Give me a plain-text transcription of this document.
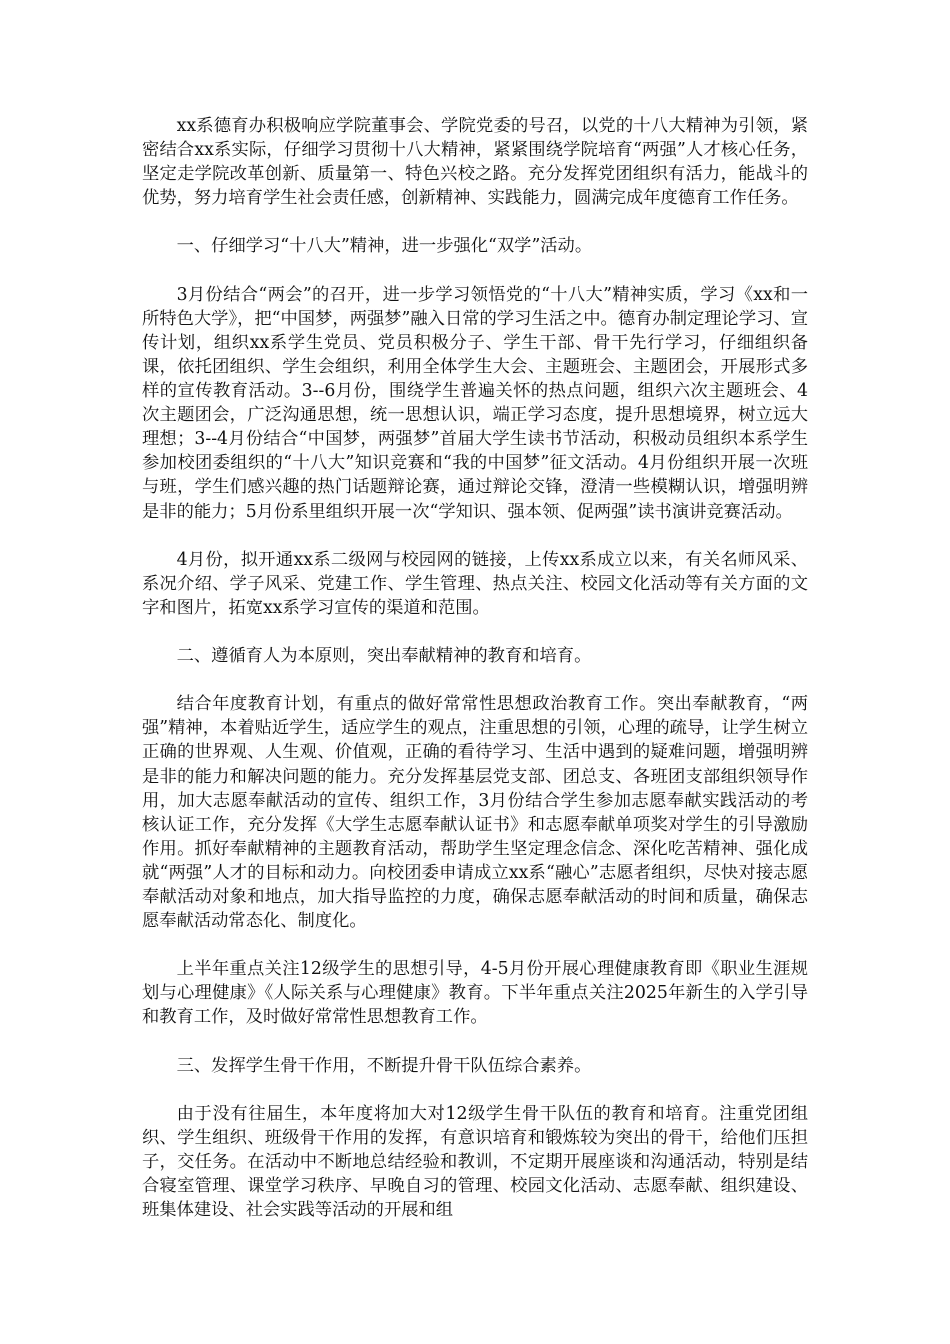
xx系德育办积极响应学院董事会、学院党委的号召，以党的十八大精神为引领，紧密结合xx系实际，仔细学习贯彻十八大精神，紧紧围绕学院培育“两强”人才核心任务，坚定走学院改革创新、质量第一、特色兴校之路。充分发挥党团组织有活力，能战斗的优势，努力培育学生社会责任感，创新精神、实践能力，圆满完成年度德育工作任务。

一、仔细学习“十八大”精神，进一步强化“双学”活动。

3月份结合“两会”的召开，进一步学习领悟党的“十八大”精神实质，学习《xx和一所特色大学》，把“中国梦，两强梦”融入日常的学习生活之中。德育办制定理论学习、宣传计划，组织xx系学生党员、党员积极分子、学生干部、骨干先行学习，仔细组织备课，依托团组织、学生会组织，利用全体学生大会、主题班会、主题团会，开展形式多样的宣传教育活动。3--6月份，围绕学生普遍关怀的热点问题，组织六次主题班会、4次主题团会，广泛沟通思想，统一思想认识，端正学习态度，提升思想境界，树立远大理想；3--4月份结合“中国梦，两强梦”首届大学生读书节活动，积极动员组织本系学生参加校团委组织的“十八大”知识竞赛和“我的中国梦”征文活动。4月份组织开展一次班与班，学生们感兴趣的热门话题辩论赛，通过辩论交锋，澄清一些模糊认识，增强明辨是非的能力；5月份系里组织开展一次“学知识、强本领、促两强”读书演讲竞赛活动。

4月份，拟开通xx系二级网与校园网的链接，上传xx系成立以来，有关名师风采、系况介绍、学子风采、党建工作、学生管理、热点关注、校园文化活动等有关方面的文字和图片，拓宽xx系学习宣传的渠道和范围。

二、遵循育人为本原则，突出奉献精神的教育和培育。

结合年度教育计划，有重点的做好常常性思想政治教育工作。突出奉献教育，“两强”精神，本着贴近学生，适应学生的观点，注重思想的引领，心理的疏导，让学生树立正确的世界观、人生观、价值观，正确的看待学习、生活中遇到的疑难问题，增强明辨是非的能力和解决问题的能力。充分发挥基层党支部、团总支、各班团支部组织领导作用，加大志愿奉献活动的宣传、组织工作，3月份结合学生参加志愿奉献实践活动的考核认证工作，充分发挥《大学生志愿奉献认证书》和志愿奉献单项奖对学生的引导激励作用。抓好奉献精神的主题教育活动，帮助学生坚定理念信念、深化吃苦精神、强化成就“两强”人才的目标和动力。向校团委申请成立xx系“融心”志愿者组织，尽快对接志愿奉献活动对象和地点，加大指导监控的力度，确保志愿奉献活动的时间和质量，确保志愿奉献活动常态化、制度化。

上半年重点关注12级学生的思想引导，4-5月份开展心理健康教育即《职业生涯规划与心理健康》《人际关系与心理健康》教育。下半年重点关注2025年新生的入学引导和教育工作，及时做好常常性思想教育工作。

三、发挥学生骨干作用，不断提升骨干队伍综合素养。

由于没有往届生，本年度将加大对12级学生骨干队伍的教育和培育。注重党团组织、学生组织、班级骨干作用的发挥，有意识培育和锻炼较为突出的骨干，给他们压担子，交任务。在活动中不断地总结经验和教训，不定期开展座谈和沟通活动，特别是结合寝室管理、课堂学习秩序、早晚自习的管理、校园文化活动、志愿奉献、组织建设、班集体建设、社会实践等活动的开展和组
